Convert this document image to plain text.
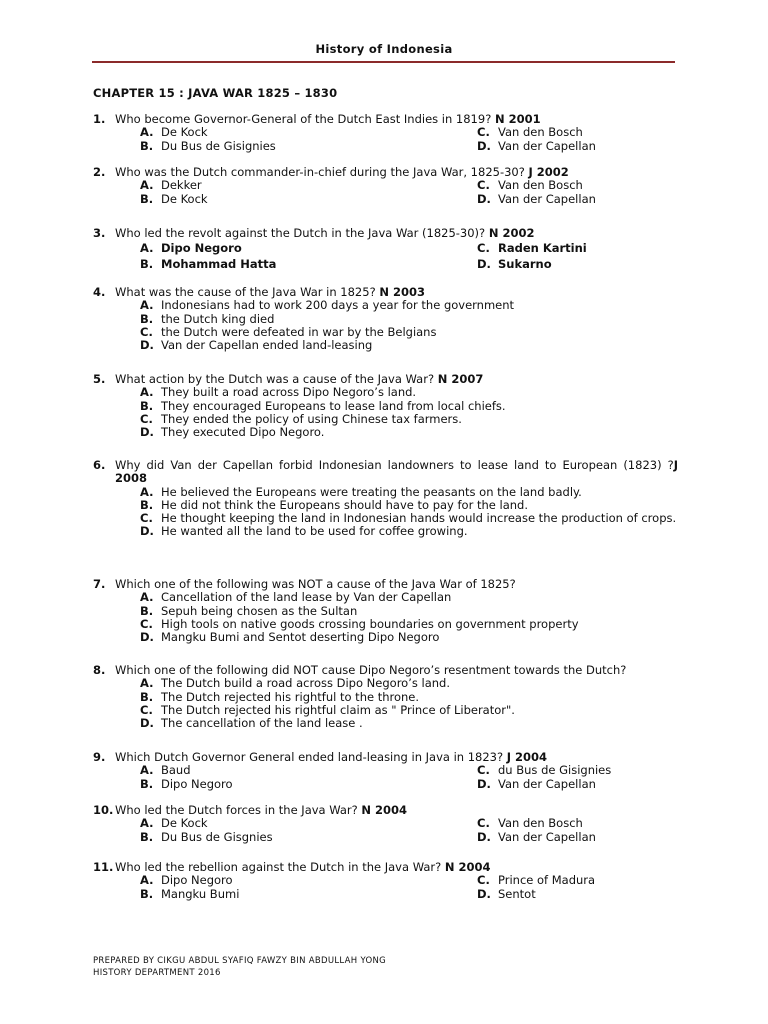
History of Indonesia
CHAPTER 15 : JAVA WAR 1825 – 1830
1. Who become Governor-General of the Dutch East Indies in 1819? N 2001
A. De Kock	C. Van den Bosch
B. Du Bus de Gisignies	D. Van der Capellan
2. Who was the Dutch commander-in-chief during the Java War, 1825-30? J 2002
A. Dekker	C. Van den Bosch
B. De Kock	D. Van der Capellan
3. Who led the revolt against the Dutch in the Java War (1825-30)? N 2002
A. Dipo Negoro	C. Raden Kartini
B. Mohammad Hatta	D. Sukarno
4. What was the cause of the Java War in 1825? N 2003
A. Indonesians had to work 200 days a year for the government
B. the Dutch king died
C. the Dutch were defeated in war by the Belgians
D. Van der Capellan ended land-leasing
5. What action by the Dutch was a cause of the Java War? N 2007
A. They built a road across Dipo Negoro’s land.
B. They encouraged Europeans to lease land from local chiefs.
C. They ended the policy of using Chinese tax farmers.
D. They executed Dipo Negoro.
6. Why did Van der Capellan forbid Indonesian landowners to lease land to European (1823) ?J 2008
A. He believed the Europeans were treating the peasants on the land badly.
B. He did not think the Europeans should have to pay for the land.
C. He thought keeping the land in Indonesian hands would increase the production of crops.
D. He wanted all the land to be used for coffee growing.
7. Which one of the following was NOT a cause of the Java War of 1825?
A. Cancellation of the land lease by Van der Capellan
B. Sepuh being chosen as the Sultan
C. High tools on native goods crossing boundaries on government property
D. Mangku Bumi and Sentot deserting Dipo Negoro
8. Which one of the following did NOT cause Dipo Negoro’s resentment towards the Dutch?
A. The Dutch build a road across Dipo Negoro’s land.
B. The Dutch rejected his rightful to the throne.
C. The Dutch rejected his rightful claim as " Prince of Liberator".
D. The cancellation of the land lease .
9. Which Dutch Governor General ended land-leasing in Java in 1823? J 2004
A. Baud	C. du Bus de Gisignies
B. Dipo Negoro	D. Van der Capellan
10. Who led the Dutch forces in the Java War? N 2004
A. De Kock	C. Van den Bosch
B. Du Bus de Gisgnies	D. Van der Capellan
11. Who led the rebellion against the Dutch in the Java War? N 2004
A. Dipo Negoro	C. Prince of Madura
B. Mangku Bumi	D. Sentot
PREPARED BY CIKGU ABDUL SYAFIQ FAWZY BIN ABDULLAH YONG
HISTORY DEPARTMENT 2016
